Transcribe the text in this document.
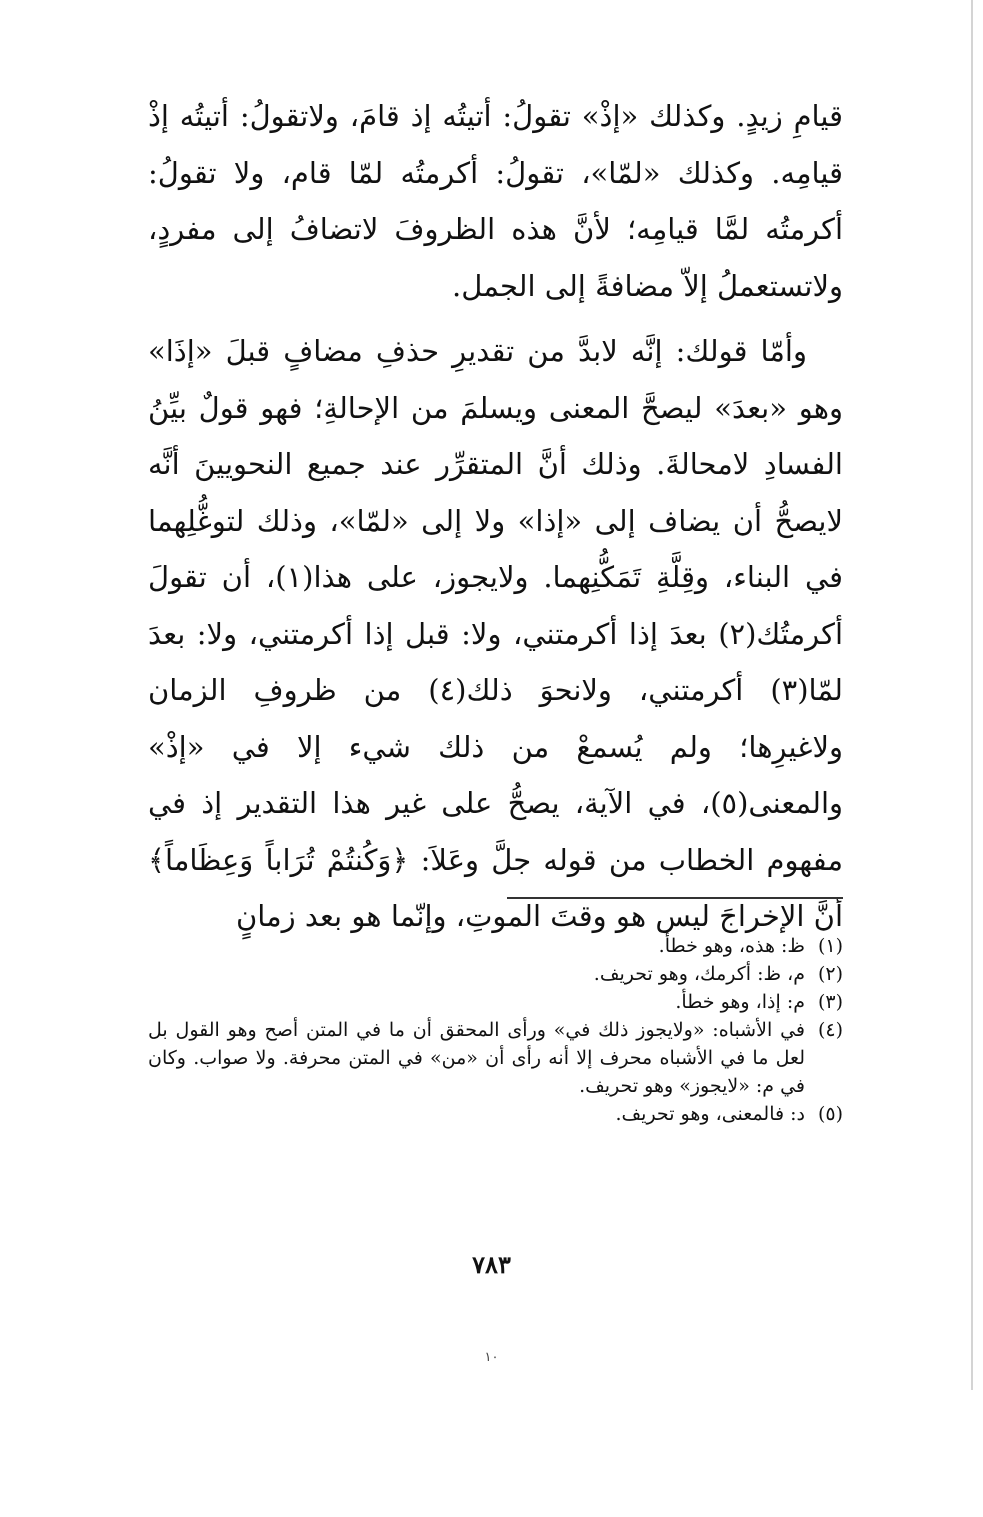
قيامِ زيدٍ. وكذلك «إذْ» تقولُ: أتيتُه إذ قامَ، ولاتقولُ: أتيتُه إذْ قيامِه. وكذلك «لمّا»، تقولُ: أكرمتُه لمّا قام، ولا تقولُ: أكرمتُه لمَّا قيامِه؛ لأنَّ هذه الظروفَ لاتضافُ إلى مفردٍ، ولاتستعملُ إلاّ مضافةً إلى الجمل.

وأمّا قولك: إنَّه لابدَّ من تقديرِ حذفِ مضافٍ قبلَ «إذَا» وهو «بعدَ» ليصحَّ المعنى ويسلمَ من الإحالةِ؛ فهو قولٌ بيِّنُ الفسادِ لامحالةَ. وذلك أنَّ المتقرِّر عند جميع النحويينَ أنَّه لايصحُّ أن يضاف إلى «إذا» ولا إلى «لمّا»، وذلك لتوغُّلِهما في البناء، وقِلَّةِ تَمَكُّنِهما. ولايجوز، على هذا(١)، أن تقولَ أكرمتُك(٢) بعدَ إذا أكرمتني، ولا: قبل إذا أكرمتني، ولا: بعدَ لمّا(٣) أكرمتني، ولانحوَ ذلك(٤) من ظروفِ الزمان ولاغيرِها؛ ولم يُسمعْ من ذلك شيء إلا في «إذْ» والمعنى(٥)، في الآية، يصحُّ على غير هذا التقدير إذ في مفهوم الخطاب من قوله جلَّ وعَلاَ: ﴿وَكُنتُمْ تُرَاباً وَعِظَاماً﴾ أنَّ الإخراجَ ليس هو وقتَ الموتِ، وإنّما هو بعد زمانٍ

(١)
ظ: هذه، وهو خطأ.
(٢)
م، ظ: أكرمك، وهو تحريف.
(٣)
م: إذا، وهو خطأ.
(٤)
في الأشباه: «ولايجوز ذلك في» ورأى المحقق أن ما في المتن أصح وهو القول بل لعل ما في الأشباه محرف إلا أنه رأى أن «من» في المتن محرفة. ولا صواب. وكان في م: «لايجوز» وهو تحريف.
(٥)
د: فالمعنى، وهو تحريف.
٧٨٣
١٠
